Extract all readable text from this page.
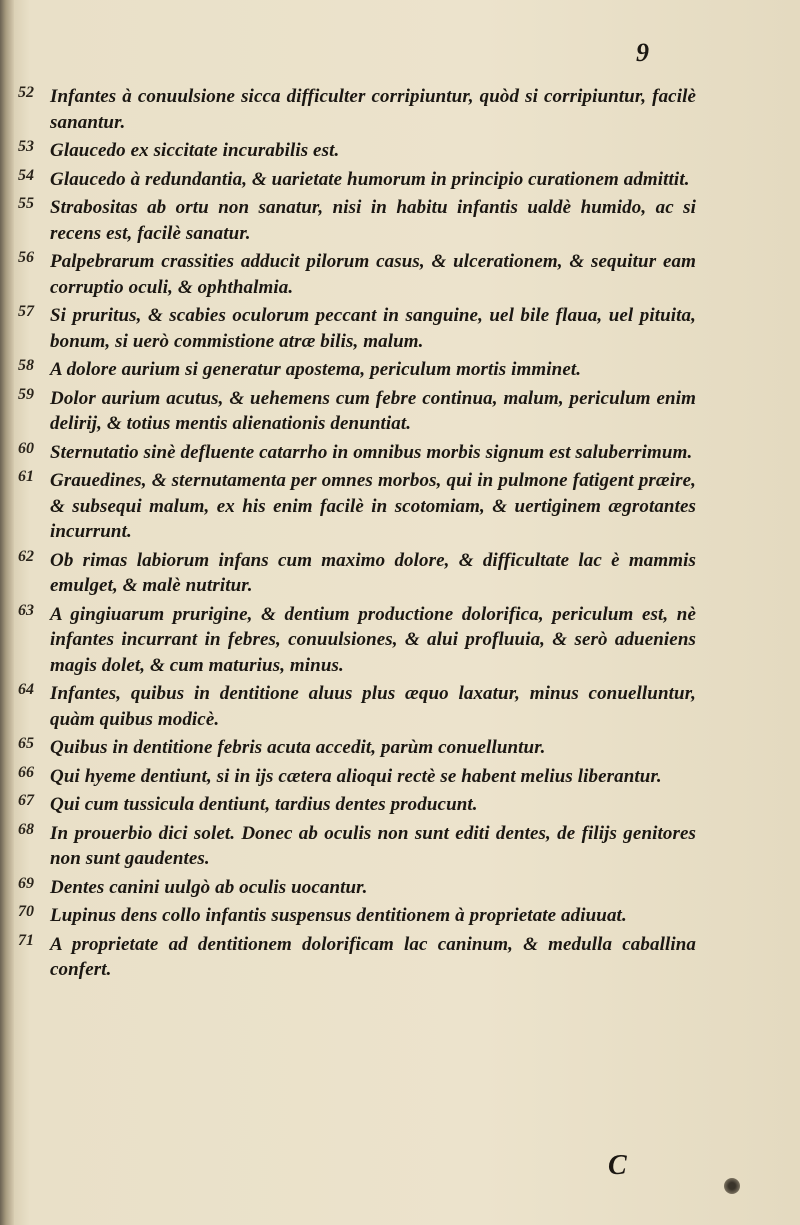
9
52 Infantes à conuulsione sicca difficulter corripiuntur, quòd si corripiuntur, facilè sanantur.
53 Glaucedo ex siccitate incurabilis est.
54 Glaucedo à redundantia, & uarietate humorum in principio curationem admittit.
55 Strabositas ab ortu non sanatur, nisi in habitu infantis ualdè humido, ac si recens est, facilè sanatur.
56 Palpebrarum crassities adducit pilorum casus, & ulcerationem, & sequitur eam corruptio oculi, & ophthalmia.
57 Si pruritus, & scabies oculorum peccant in sanguine, uel bile flaua, uel pituita, bonum, si uerò commistione atræ bilis, malum.
58 A dolore aurium si generatur apostema, periculum mortis imminet.
59 Dolor aurium acutus, & uehemens cum febre continua, malum, periculum enim delirij, & totius mentis alienationis denuntiat.
60 Sternutatio sinè defluente catarrho in omnibus morbis signum est saluberrimum.
61 Grauedines, & sternutamenta per omnes morbos, qui in pulmone fatigent præire, & subsequi malum, ex his enim facilè in scotomiam, & uertiginem ægrotantes incurrunt.
62 Ob rimas labiorum infans cum maximo dolore, & difficultate lac è mammis emulget, & malè nutritur.
63 A gingiuarum prurigine, & dentium productione dolorifica, periculum est, nè infantes incurrant in febres, conuulsiones, & alui profluuia, & serò adueniens magis dolet, & cum maturius, minus.
64 Infantes, quibus in dentitione aluus plus æquo laxatur, minus conuelluntur, quàm quibus modicè.
65 Quibus in dentitione febris acuta accedit, parùm conuelluntur.
66 Qui hyeme dentiunt, si in ijs cætera alioqui rectè se habent melius liberantur.
67 Qui cum tussicula dentiunt, tardius dentes producunt.
68 In prouerbio dici solet. Donec ab oculis non sunt editi dentes, de filijs genitores non sunt gaudentes.
69 Dentes canini uulgò ab oculis uocantur.
70 Lupinus dens collo infantis suspensus dentitionem à proprietate adiuuat.
71 A proprietate ad dentitionem dolorificam lac caninum, & medulla caballina confert.
C
